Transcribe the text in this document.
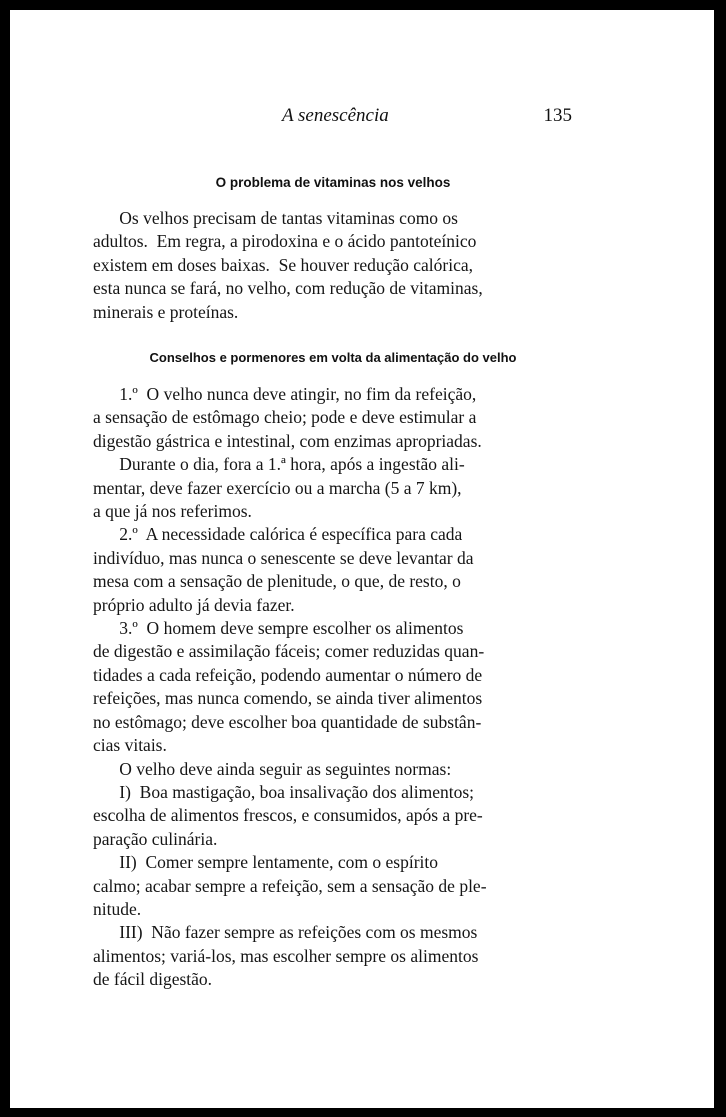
A senescência	135
O problema de vitaminas nos velhos
Os velhos precisam de tantas vitaminas como os
adultos.  Em regra, a pirodoxina e o ácido pantoteínico
existem em doses baixas.  Se houver redução calórica,
esta nunca se fará, no velho, com redução de vitaminas,
minerais e proteínas.
Conselhos e pormenores em volta da alimentação do velho
1.º  O velho nunca deve atingir, no fim da refeição,
a sensação de estômago cheio; pode e deve estimular a
digestão gástrica e intestinal, com enzimas apropriadas.
Durante o dia, fora a 1.ª hora, após a ingestão ali-
mentar, deve fazer exercício ou a marcha (5 a 7 km),
a que já nos referimos.
2.º  A necessidade calórica é específica para cada
indivíduo, mas nunca o senescente se deve levantar da
mesa com a sensação de plenitude, o que, de resto, o
próprio adulto já devia fazer.
3.º  O homem deve sempre escolher os alimentos
de digestão e assimilação fáceis; comer reduzidas quan-
tidades a cada refeição, podendo aumentar o número de
refeições, mas nunca comendo, se ainda tiver alimentos
no estômago; deve escolher boa quantidade de substân-
cias vitais.
O velho deve ainda seguir as seguintes normas:
I)  Boa mastigação, boa insalivação dos alimentos;
escolha de alimentos frescos, e consumidos, após a pre-
paração culinária.
II)  Comer sempre lentamente, com o espírito
calmo; acabar sempre a refeição, sem a sensação de ple-
nitude.
III)  Não fazer sempre as refeições com os mesmos
alimentos; variá-los, mas escolher sempre os alimentos
de fácil digestão.
